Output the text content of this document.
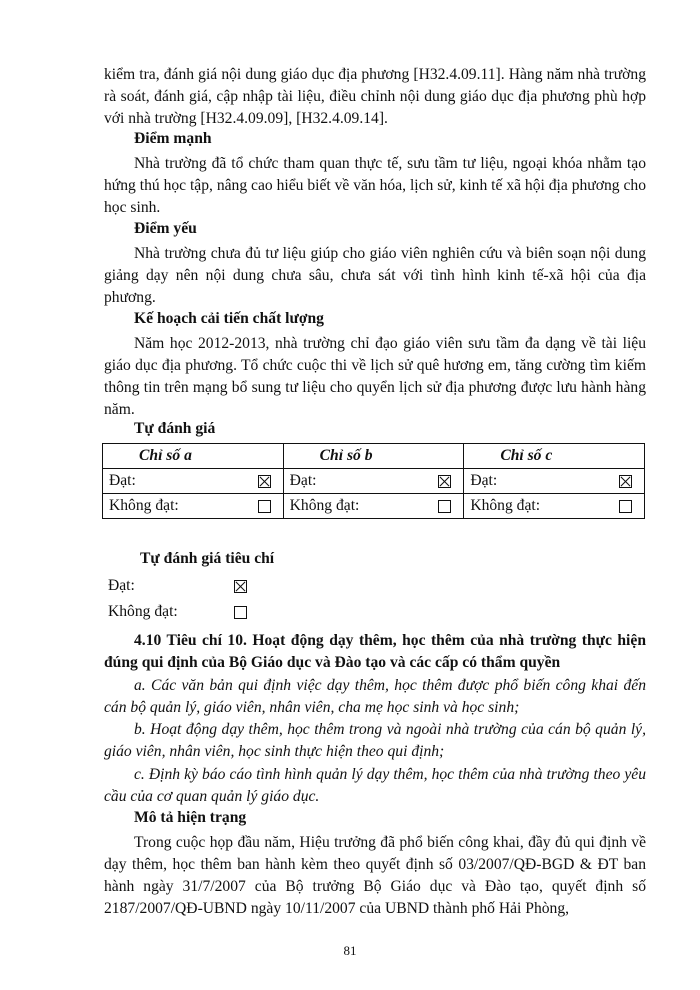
kiểm tra, đánh giá nội dung giáo dục địa phương [H32.4.09.11]. Hàng năm nhà trường rà soát, đánh giá, cập nhập tài liệu, điều chỉnh nội dung giáo dục địa phương phù hợp với nhà trường [H32.4.09.09], [H32.4.09.14].

Điểm mạnh

Nhà trường đã tổ chức tham quan thực tế, sưu tầm tư liệu, ngoại khóa nhằm tạo hứng thú học tập, nâng cao hiểu biết về văn hóa, lịch sử, kinh tế xã hội địa phương cho học sinh.

Điểm yếu

Nhà trường chưa đủ tư liệu giúp cho giáo viên nghiên cứu và biên soạn nội dung giảng dạy nên nội dung chưa sâu, chưa sát với tình hình kinh tế-xã hội của địa phương.

Kế hoạch cải tiến chất lượng

Năm học 2012-2013, nhà trường chỉ đạo giáo viên sưu tầm đa dạng về tài liệu giáo dục địa phương. Tổ chức cuộc thi về lịch sử quê hương em, tăng cường tìm kiếm thông tin trên mạng bổ sung tư liệu cho quyển lịch sử địa phương được lưu hành hàng năm.

Tự đánh giá

Chỉ số a	Chỉ số b	Chỉ số c

Đạt:	Đạt:	Đạt:

Không đạt:	Không đạt:	Không đạt:

Tự đánh giá tiêu chí

Đạt:
Không đạt:

4.10 Tiêu chí 10. Hoạt động dạy thêm, học thêm của nhà trường thực hiện đúng qui định của Bộ Giáo dục và Đào tạo và các cấp có thẩm quyền

a. Các văn bản qui định việc dạy thêm, học thêm được phổ biến công khai đến cán bộ quản lý, giáo viên, nhân viên, cha mẹ học sinh và học sinh;

b. Hoạt động dạy thêm, học thêm trong và ngoài nhà trường của cán bộ quản lý, giáo viên, nhân viên, học sinh thực hiện theo qui định;

c. Định kỳ báo cáo tình hình quản lý dạy thêm, học thêm của nhà trường theo yêu cầu của cơ quan quản lý giáo dục.

Mô tả hiện trạng

Trong cuộc họp đầu năm, Hiệu trưởng đã phổ biến công khai, đầy đủ qui định về dạy thêm, học thêm ban hành kèm theo quyết định số 03/2007/QĐ-BGD & ĐT ban hành ngày 31/7/2007 của Bộ trưởng Bộ Giáo dục và Đào tạo, quyết định số 2187/2007/QĐ-UBND ngày 10/11/2007 của UBND thành phố Hải Phòng,

81
